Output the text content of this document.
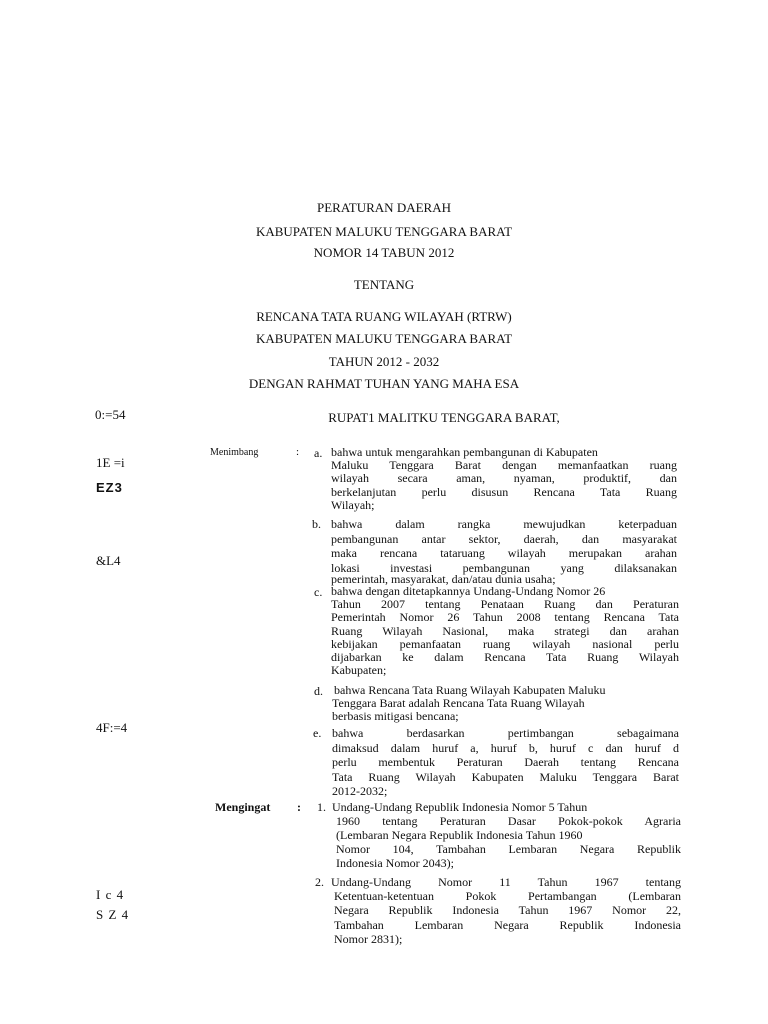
PERATURAN DAERAH
KABUPATEN MALUKU TENGGARA BARAT
NOMOR 14 TABUN 2012
TENTANG
RENCANA TATA RUANG WILAYAH (RTRW)
KABUPATEN MALUKU TENGGARA BARAT
TAHUN 2012 - 2032
DENGAN RAHMAT TUHAN YANG MAHA ESA
RUPAT1 MALITKU TENGGARA BARAT,
0:=54
1E =i
EZ3
&L4
4F:=4
I c 4
S Z 4
Menimbang	: a. bahwa untuk mengarahkan pembangunan di Kabupaten
Maluku Tenggara Barat dengan memanfaatkan ruang
wilayah secara aman, nyaman, produktif, dan
berkelanjutan perlu disusun Rencana Tata Ruang
Wilayah;
b. bahwa dalam rangka mewujudkan keterpaduan
pembangunan antar sektor, daerah, dan masyarakat
maka rencana tataruang wilayah merupakan arahan
lokasi investasi pembangunan yang dilaksanakan
pemerintah, masyarakat, dan/atau dunia usaha;
c. bahwa dengan ditetapkannya Undang-Undang Nomor 26
Tahun 2007 tentang Penataan Ruang dan Peraturan
Pemerintah Nomor 26 Tahun 2008 tentang Rencana Tata
Ruang Wilayah Nasional, maka strategi dan arahan
kebijakan pemanfaatan ruang wilayah nasional perlu
dijabarkan ke dalam Rencana Tata Ruang Wilayah
Kabupaten;
d. bahwa Rencana Tata Ruang Wilayah Kabupaten Maluku
Tenggara Barat adalah Rencana Tata Ruang Wilayah
berbasis mitigasi bencana;
e. bahwa berdasarkan pertimbangan sebagaimana
dimaksud dalam huruf a, huruf b, huruf c dan huruf d
perlu membentuk Peraturan Daerah tentang Rencana
Tata Ruang Wilayah Kabupaten Maluku Tenggara Barat
2012-2032;
Mengingat : 1. Undang-Undang Republik Indonesia Nomor 5 Tahun
1960 tentang Peraturan Dasar Pokok-pokok Agraria
(Lembaran Negara Republik Indonesia Tahun 1960
Nomor 104, Tambahan Lembaran Negara Republik
Indonesia Nomor 2043);
2. Undang-Undang Nomor 11 Tahun 1967 tentang
Ketentuan-ketentuan Pokok Pertambangan (Lembaran
Negara Republik Indonesia Tahun 1967 Nomor 22,
Tambahan Lembaran Negara Republik Indonesia
Nomor 2831);
